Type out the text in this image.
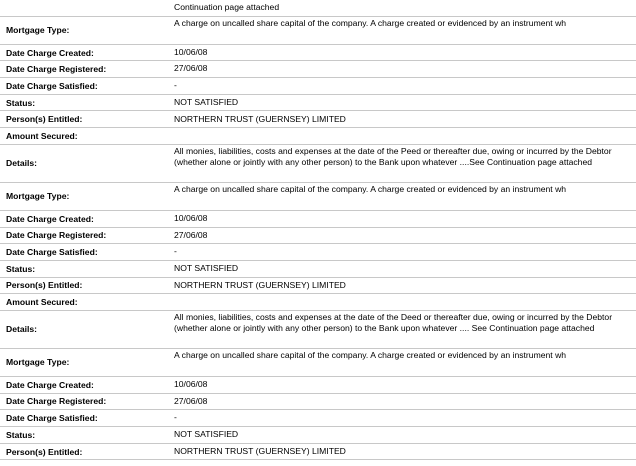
Continuation page attached
Mortgage Type:
A charge on uncalled share capital of the company. A charge created or evidenced by an instrument wh
Date Charge Created:	10/06/08
Date Charge Registered:	27/06/08
Date Charge Satisfied:	-
Status:	NOT SATISFIED
Person(s) Entitled:	NORTHERN TRUST (GUERNSEY) LIMITED
Amount Secured:
Details:
All monies, liabilities, costs and expenses at the date of the Peed or thereafter due, owing or incurred by the Debtor (whether alone or jointly with any other person) to the Bank upon whatever ....See Continuation page attached
Mortgage Type:
A charge on uncalled share capital of the company. A charge created or evidenced by an instrument wh
Date Charge Created:	10/06/08
Date Charge Registered:	27/06/08
Date Charge Satisfied:	-
Status:	NOT SATISFIED
Person(s) Entitled:	NORTHERN TRUST (GUERNSEY) LIMITED
Amount Secured:
Details:
All monies, liabilities, costs and expenses at the date of the Deed or thereafter due, owing or incurred by the Debtor (whether alone or jointly with any other person) to the Bank upon whatever .... See Continuation page attached
Mortgage Type:
A charge on uncalled share capital of the company. A charge created or evidenced by an instrument wh
Date Charge Created:	10/06/08
Date Charge Registered:	27/06/08
Date Charge Satisfied:	-
Status:	NOT SATISFIED
Person(s) Entitled:	NORTHERN TRUST (GUERNSEY) LIMITED
